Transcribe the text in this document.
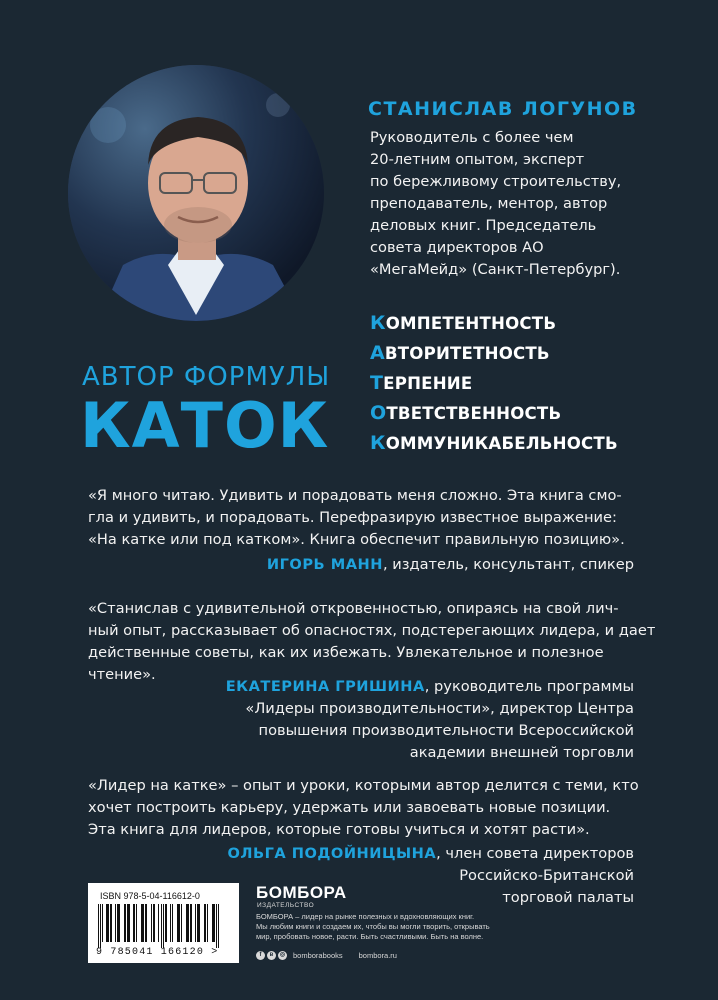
СТАНИСЛАВ ЛОГУНОВ
Руководитель с более чем
20-летним опытом, эксперт
по бережливому строительству,
преподаватель, ментор, автор
деловых книг. Председатель
совета директоров АО
«МегаМейд» (Санкт-Петербург).
АВТОР ФОРМУЛЫ
КАТОК
КОМПЕТЕНТНОСТЬ
АВТОРИТЕТНОСТЬ
ТЕРПЕНИЕ
ОТВЕТСТВЕННОСТЬ
КОММУНИКАБЕЛЬНОСТЬ
«Я много читаю. Удивить и порадовать меня сложно. Эта книга смо-
гла и удивить, и порадовать. Перефразирую известное выражение:
«На катке или под катком». Книга обеспечит правильную позицию».
ИГОРЬ МАНН, издатель, консультант, спикер
«Станислав с удивительной откровенностью, опираясь на свой лич-
ный опыт, рассказывает об опасностях, подстерегающих лидера, и дает
действенные советы, как их избежать. Увлекательное и полезное
чтение».
ЕКАТЕРИНА ГРИШИНА, руководитель программы
«Лидеры производительности», директор Центра
повышения производительности Всероссийской
академии внешней торговли
«Лидер на катке» – опыт и уроки, которыми автор делится с теми, кто
хочет построить карьеру, удержать или завоевать новые позиции.
Эта книга для лидеров, которые готовы учиться и хотят расти».
ОЛЬГА ПОДОЙНИЦЫНА, член совета директоров
Российско-Британской
торговой палаты
ISBN 978-5-04-116612-0
9 785041 166120 >
БОМБОРА
ИЗДАТЕЛЬСТВО
БОМБОРА – лидер на рынке полезных и вдохновляющих книг.
Мы любим книги и создаем их, чтобы вы могли творить, открывать
мир, пробовать новое, расти. Быть счастливыми. Быть на волне.
f	в	◎ bomborabooks bombora.ru
